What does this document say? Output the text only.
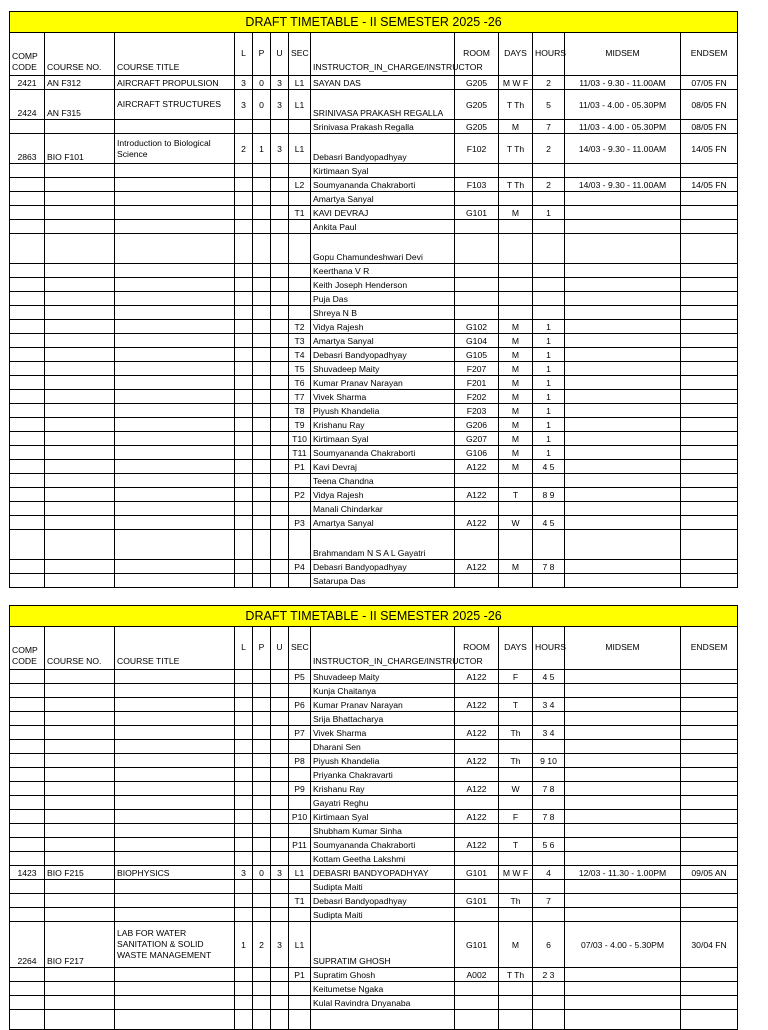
DRAFT TIMETABLE - II SEMESTER 2025 -26												
COMP CODE	COURSE NO.	COURSE TITLE	L	P	U	SEC	INSTRUCTOR_IN_CHARGE/INSTRUCTOR	ROOM	DAYS	HOURS	MIDSEM	ENDSEM
2421	AN F312	AIRCRAFT PROPULSION	3	0	3	L1	SAYAN DAS	G205	M W F	2	11/03 - 9.30 - 11.00AM	07/05 FN
2424	AN F315	AIRCRAFT STRUCTURES	3	0	3	L1	SRINIVASA PRAKASH REGALLA	G205	T Th	5	11/03 - 4.00 - 05.30PM	08/05 FN
							Srinivasa Prakash Regalla	G205	M	7	11/03 - 4.00 - 05.30PM	08/05 FN
2863	BIO F101	Introduction to Biological Science	2	1	3	L1	Debasri Bandyopadhyay	F102	T Th	2	14/03 - 9.30 - 11.00AM	14/05 FN
							Kirtimaan Syal					
						L2	Soumyananda Chakraborti	F103	T Th	2	14/03 - 9.30 - 11.00AM	14/05 FN
							Amartya Sanyal					
						T1	KAVI DEVRAJ	G101	M	1		
							Ankita Paul					
							Gopu Chamundeshwari Devi					
							Keerthana V R					
							Keith Joseph Henderson					
							Puja Das					
							Shreya N B					
						T2	Vidya Rajesh	G102	M	1		
						T3	Amartya Sanyal	G104	M	1		
						T4	Debasri Bandyopadhyay	G105	M	1		
						T5	Shuvadeep Maity	F207	M	1		
						T6	Kumar Pranav Narayan	F201	M	1		
						T7	Vivek Sharma	F202	M	1		
						T8	Piyush Khandelia	F203	M	1		
						T9	Krishanu Ray	G206	M	1		
						T10	Kirtimaan Syal	G207	M	1		
						T11	Soumyananda Chakraborti	G106	M	1		
						P1	Kavi Devraj	A122	M	4 5		
							Teena Chandna					
						P2	Vidya Rajesh	A122	T	8 9		
							Manali Chindarkar					
						P3	Amartya Sanyal	A122	W	4 5		
							Brahmandam N S A L Gayatri					
						P4	Debasri Bandyopadhyay	A122	M	7 8		
							Satarupa Das					
DRAFT TIMETABLE - II SEMESTER 2025 -26												
COMP CODE	COURSE NO.	COURSE TITLE	L	P	U	SEC	INSTRUCTOR_IN_CHARGE/INSTRUCTOR	ROOM	DAYS	HOURS	MIDSEM	ENDSEM
						P5	Shuvadeep Maity	A122	F	4 5		
							Kunja Chaitanya					
						P6	Kumar Pranav Narayan	A122	T	3 4		
							Srija Bhattacharya					
						P7	Vivek Sharma	A122	Th	3 4		
							Dharani Sen					
						P8	Piyush Khandelia	A122	Th	9 10		
							Priyanka Chakravarti					
						P9	Krishanu Ray	A122	W	7 8		
							Gayatri Reghu					
						P10	Kirtimaan Syal	A122	F	7 8		
							Shubham Kumar Sinha					
						P11	Soumyananda Chakraborti	A122	T	5 6		
							Kottam Geetha Lakshmi					
1423	BIO F215	BIOPHYSICS	3	0	3	L1	DEBASRI BANDYOPADHYAY	G101	M W F	4	12/03 - 11.30 - 1.00PM	09/05 AN
							Sudipta Maiti					
						T1	Debasri Bandyopadhyay	G101	Th	7		
							Sudipta Maiti					
2264	BIO F217	LAB FOR WATER SANITATION & SOLID WASTE MANAGEMENT	1	2	3	L1	SUPRATIM GHOSH	G101	M	6	07/03 - 4.00 - 5.30PM	30/04 FN
						P1	Supratim Ghosh	A002	T Th	2 3		
							Keitumetse Ngaka					
							Kulal Ravindra Dnyanaba					
